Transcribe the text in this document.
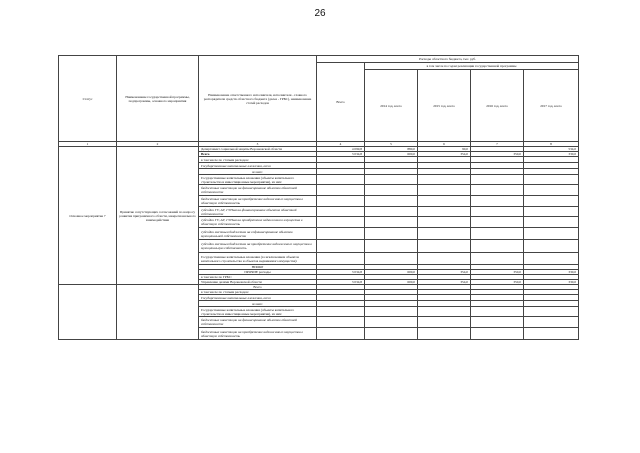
26
Статус	Наименование государственной программы, подпрограммы, основного мероприятия	Наименование ответственного исполнителя, исполнителя - главного распорядителя средств областного бюджета (далее - ГРБС), наименование статей расходов	Расходы областного бюджета, тыс. руб.				
			Всего	в том числе по годам реализации государственной программы			
				2014 год, всего	2015 год, всего	2016 год, всего	2017 год, всего
1	2	3	4	5	6	7	8
Основное мероприятие 7	Принятие сопутствующих согласований по вопросу развития приграничного области, межрегионального взаимодействия	Департамент социальной защиты Воронежской области	4 099,8	880,0	90,0		534,0
		Всего	3 034,8	600,0	354,0	350,0	330,0
		в том числе по статьям расходов:					
		Государственные капитальные вложения, всего					
		из них:					
		Государственные капитальные вложения (объекты капитального строительства и инвестиционные мероприятия), из них:					
		бюджетные инвестиции на финансирование объектов областной собственности					
		бюджетные инвестиции на приобретение недвижимого имущества в областную собственность					
		субсидии ГУ, АУ, ГУПам на финансирование объектов областной собственности					
		субсидии ГУ, АУ, ГУПам на приобретение недвижимого имущества в областную собственность					
		субсидии местным бюджетам на софинансирование объектов муниципальной собственности					
		субсидии местным бюджетам на приобретение недвижимого имущества в муниципальную собственность					
		Государственные капитальные вложения (за исключением объектов капитального строительства и объектов недвижимого имущества):					
		НИОКР					
		ПРОЧИЕ расходы	3 034,8	600,0	354,0	350,0	330,0
		в том числе по ГРБС:					
		Управление делами Воронежской области	3 034,8	600,0	354,0	350,0	330,0
		Всего					
		в том числе по статьям расходов:					
		Государственные капитальные вложения, всего					
		из них:					
		Государственные капитальные вложения (объекты капитального строительства и инвестиционные мероприятия), из них:					
		бюджетные инвестиции на финансирование объектов областной собственности					
		бюджетные инвестиции на приобретение недвижимого имущества в областную собственность					
